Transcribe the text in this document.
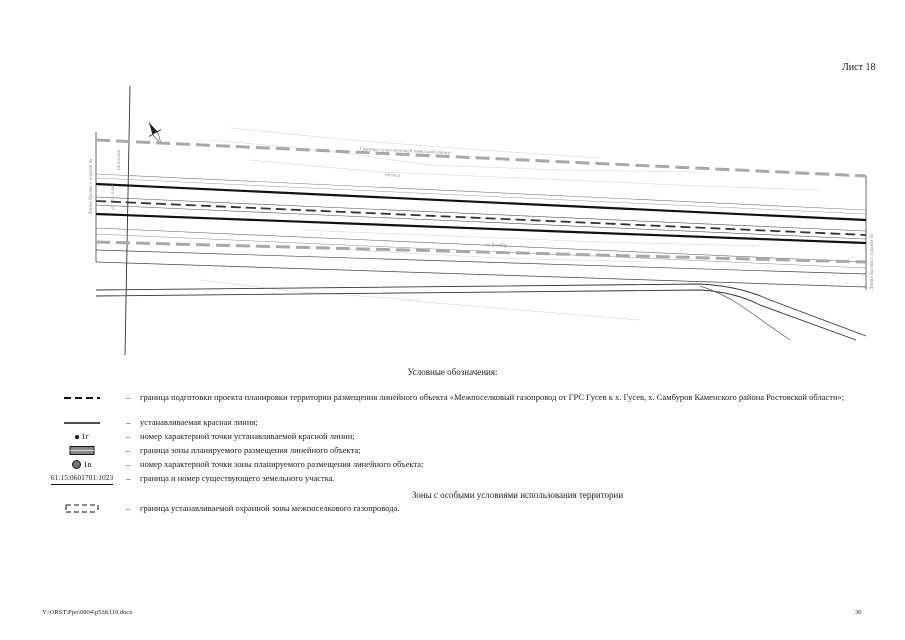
Лист 18
Линия бровки с планом №
Линия бровки с планом №
на вл.ном
на тел. план
Границы существующей земельной линии
полоса
по Бомбер
Условные обозначения:
– граница подготовки проекта планировки территории размещения линейного объекта «Межпоселковый газопровод от ГРС Гусев к х. Гусев, х. Самбуров Каменского района Ростовской области»;
– устанавливаемая красная линия;
1г	– номер характерной точки устанавливаемой красной линии;
– граница зоны планируемого размещения линейного объекта;
1в	– номер характерной точки зоны планируемого размещения линейного объекта;
61:15:0601701:1023 – граница и номер существующего земельного участка.
Зоны с особыми условиями использования территории
– граница устанавливаемой охранной зоны межпоселкового газопровода.
Y:\ORST\Ppo\0804\p538.f19.docx	30
